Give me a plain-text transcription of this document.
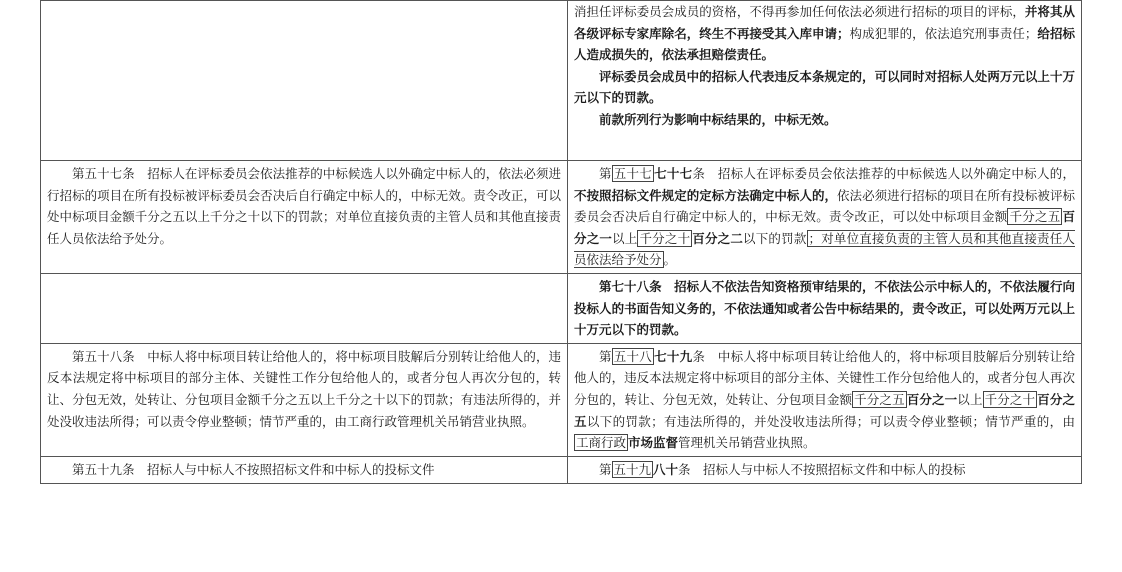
	消担任评标委员会成员的资格，不得再参加任何依法必须进行招标的项目的评标，并将其从各级评标专家库除名，终生不再接受其入库申请；构成犯罪的，依法追究刑事责任；给招标人造成损失的，依法承担赔偿责任。

评标委员会成员中的招标人代表违反本条规定的，可以同时对招标人处两万元以上十万元以下的罚款。

前款所列行为影响中标结果的，中标无效。

第五十七条　招标人在评标委员会依法推荐的中标候选人以外确定中标人的，依法必须进行招标的项目在所有投标被评标委员会否决后自行确定中标人的，中标无效。责令改正，可以处中标项目金额千分之五以上千分之十以下的罚款；对单位直接负责的主管人员和其他直接责任人员依法给予处分。	第 五十七 七十七条　招标人在评标委员会依法推荐的中标候选人以外确定中标人的，不按照招标文件规定的定标方法确定中标人的，依法必须进行招标的项目在所有投标被评标委员会否决后自行确定中标人的，中标无效。责令改正，可以处中标项目金额 千分之五 百分之一以上 千分之十 百分之二以下的罚款 ；对单位直接负责的主管人员和其他直接责任人员依法给予处分 。

	第七十八条　招标人不依法告知资格预审结果的，不依法公示中标人的，不依法履行向投标人的书面告知义务的，不依法通知或者公告中标结果的，责令改正，可以处两万元以上十万元以下的罚款。

第五十八条　中标人将中标项目转让给他人的，将中标项目肢解后分别转让给他人的，违反本法规定将中标项目的部分主体、关键性工作分包给他人的，或者分包人再次分包的，转让、分包无效，处转让、分包项目金额千分之五以上千分之十以下的罚款；有违法所得的，并处没收违法所得；可以责令停业整顿；情节严重的，由工商行政管理机关吊销营业执照。	第 五十八 七十九条　中标人将中标项目转让给他人的，将中标项目肢解后分别转让给他人的，违反本法规定将中标项目的部分主体、关键性工作分包给他人的，或者分包人再次分包的，转让、分包无效，处转让、分包项目金额 千分之五 百分之一以上 千分之十 百分之五以下的罚款；有违法所得的，并处没收违法所得；可以责令停业整顿；情节严重的，由工商行政 市场监督管理机关吊销营业执照。

第五十九条　招标人与中标人不按照招标文件和中标人的投标文件	第 五十九 八十条　招标人与中标人不按照招标文件和中标人的投标
